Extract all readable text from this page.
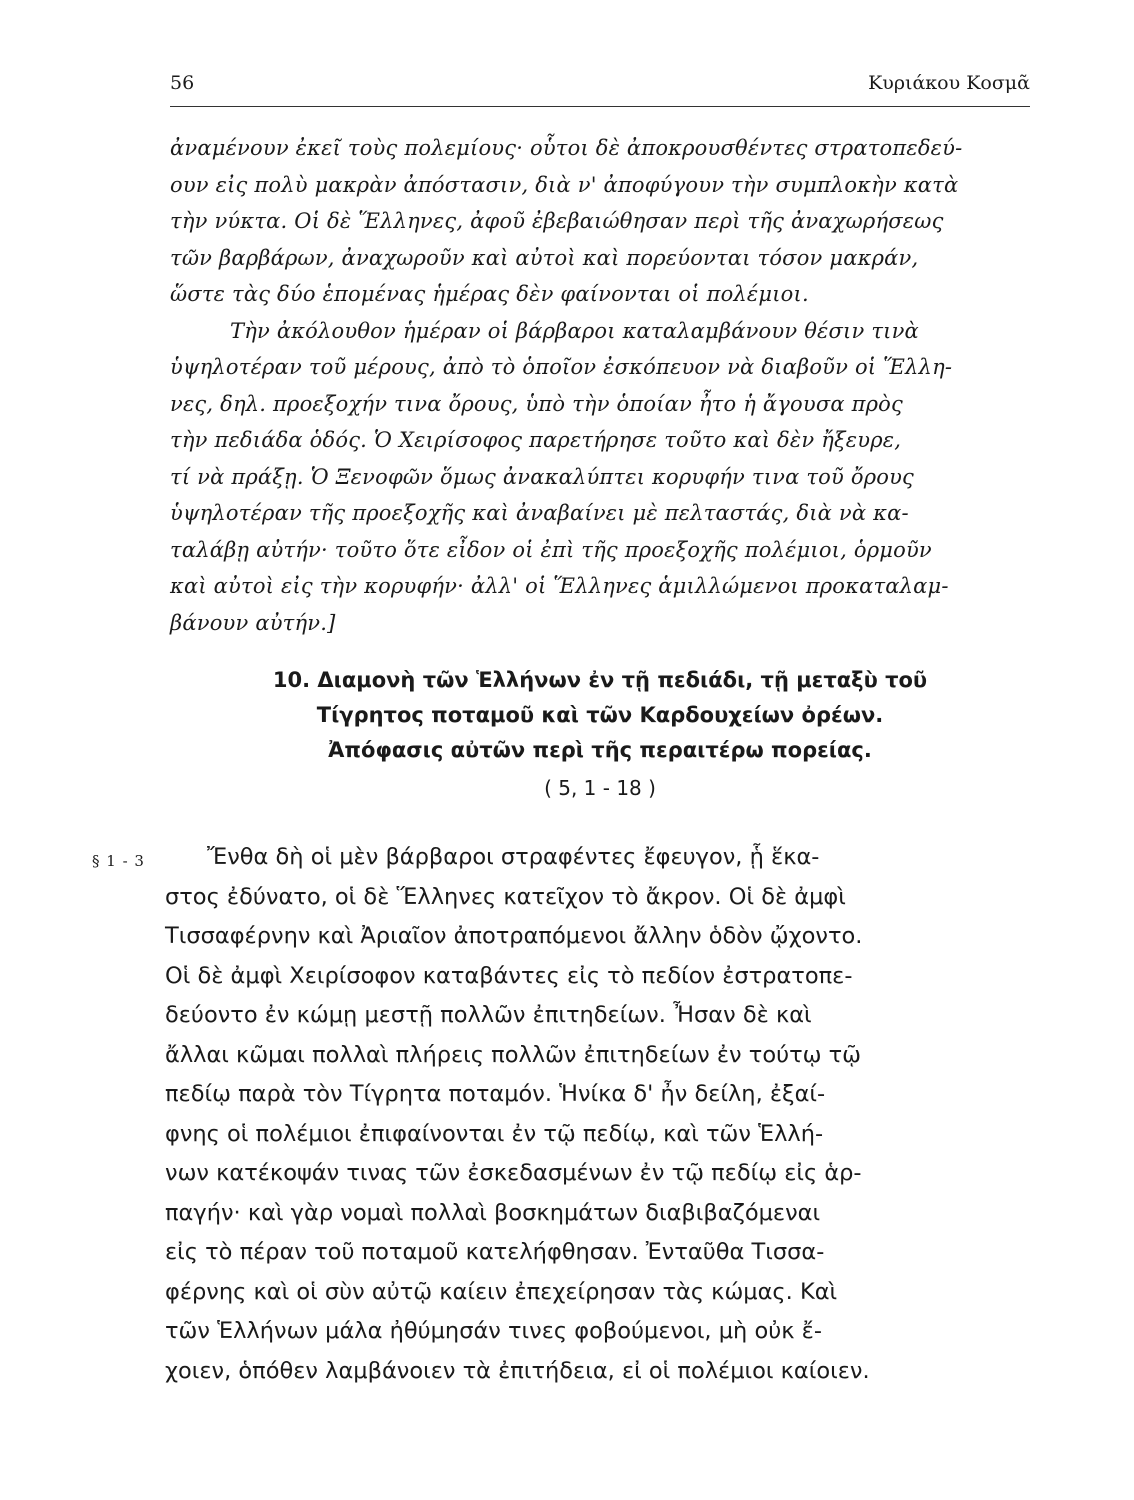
56	Κυριάκου Κοσμᾶ
ἀναμένουν ἐκεῖ τοὺς πολεμίους· οὗτοι δὲ ἀποκρουσθέντες στρατοπεδεύ-
ουν εἰς πολὺ μακρὰν ἀπόστασιν, διὰ ν' ἀποφύγουν τὴν συμπλοκὴν κατὰ
τὴν νύκτα. Οἱ δὲ Ἕλληνες, ἀφοῦ ἐβεβαιώθησαν περὶ τῆς ἀναχωρήσεως
τῶν βαρβάρων, ἀναχωροῦν καὶ αὐτοὶ καὶ πορεύονται τόσον μακράν,
ὥστε τὰς δύο ἑπομένας ἡμέρας δὲν φαίνονται οἱ πολέμιοι.
Τὴν ἀκόλουθον ἡμέραν οἱ βάρβαροι καταλαμβάνουν θέσιν τινὰ
ὑψηλοτέραν τοῦ μέρους, ἀπὸ τὸ ὁποῖον ἐσκόπευον νὰ διαβοῦν οἱ Ἕλλη-
νες, δηλ. προεξοχήν τινα ὄρους, ὑπὸ τὴν ὁποίαν ἦτο ἡ ἄγουσα πρὸς
τὴν πεδιάδα ὁδός. Ὁ Χειρίσοφος παρετήρησε τοῦτο καὶ δὲν ἤξευρε,
τί νὰ πράξῃ. Ὁ Ξενοφῶν ὅμως ἀνακαλύπτει κορυφήν τινα τοῦ ὄρους
ὑψηλοτέραν τῆς προεξοχῆς καὶ ἀναβαίνει μὲ πελταστάς, διὰ νὰ κα-
ταλάβῃ αὐτήν· τοῦτο ὅτε εἶδον οἱ ἐπὶ τῆς προεξοχῆς πολέμιοι, ὁρμοῦν
καὶ αὐτοὶ εἰς τὴν κορυφήν· ἀλλ' οἱ Ἕλληνες ἁμιλλώμενοι προκαταλαμ-
βάνουν αὐτήν.]
10. Διαμονὴ τῶν Ἑλλήνων ἐν τῇ πεδιάδι, τῇ μεταξὺ τοῦ
Τίγρητος ποταμοῦ καὶ τῶν Καρδουχείων ὀρέων.
Ἀπόφασις αὐτῶν περὶ τῆς περαιτέρω πορείας.
( 5, 1 - 18 )
§ 1 - 3	Ἔνθα δὴ οἱ μὲν βάρβαροι στραφέντες ἔφευγον, ᾗ ἕκα-
στος ἐδύνατο, οἱ δὲ Ἕλληνες κατεῖχον τὸ ἄκρον. Οἱ δὲ ἀμφὶ
Τισσαφέρνην καὶ Ἀριαῖον ἀποτραπόμενοι ἄλλην ὁδὸν ᾤχοντο.
Οἱ δὲ ἀμφὶ Χειρίσοφον καταβάντες εἰς τὸ πεδίον ἐστρατοπε-
δεύοντο ἐν κώμῃ μεστῇ πολλῶν ἐπιτηδείων. Ἦσαν δὲ καὶ
ἄλλαι κῶμαι πολλαὶ πλήρεις πολλῶν ἐπιτηδείων ἐν τούτῳ τῷ
πεδίῳ παρὰ τὸν Τίγρητα ποταμόν. Ἡνίκα δ' ἦν δείλη, ἐξαί-
φνης οἱ πολέμιοι ἐπιφαίνονται ἐν τῷ πεδίῳ, καὶ τῶν Ἑλλή-
νων κατέκοψάν τινας τῶν ἐσκεδασμένων ἐν τῷ πεδίῳ εἰς ἁρ-
παγήν· καὶ γὰρ νομαὶ πολλαὶ βοσκημάτων διαβιβαζόμεναι
εἰς τὸ πέραν τοῦ ποταμοῦ κατελήφθησαν. Ἐνταῦθα Τισσα-
φέρνης καὶ οἱ σὺν αὐτῷ καίειν ἐπεχείρησαν τὰς κώμας. Καὶ
τῶν Ἑλλήνων μάλα ἠθύμησάν τινες φοβούμενοι, μὴ οὐκ ἔ-
χοιεν, ὁπόθεν λαμβάνοιεν τὰ ἐπιτήδεια, εἰ οἱ πολέμιοι καίοιεν.
